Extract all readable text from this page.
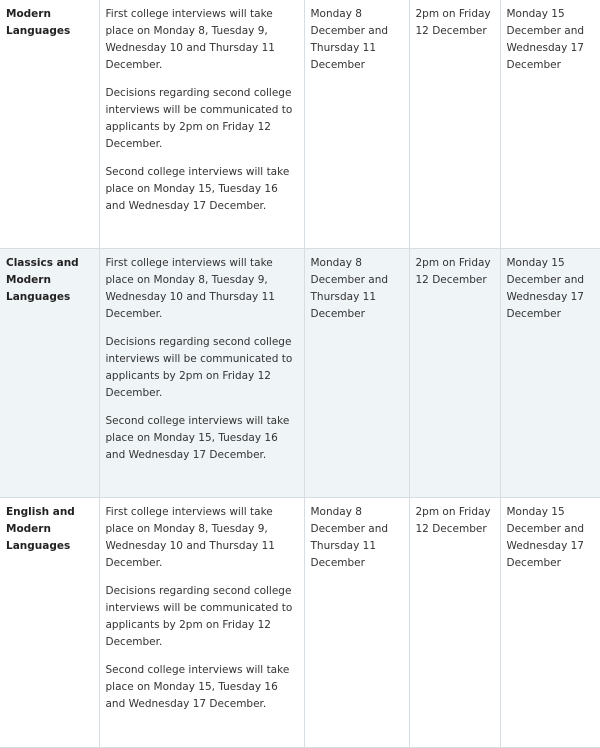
Modern Languages	First college interviews will take place on Monday 8, Tuesday 9, Wednesday 10 and Thursday 11 December.

Decisions regarding second college interviews will be communicated to applicants by 2pm on Friday 12 December.

Second college interviews will take place on Monday 15, Tuesday 16 and Wednesday 17 December.	Monday 8 December and Thursday 11 December	2pm on Friday 12 December	Monday 15 December and Wednesday 17 December
Classics and Modern Languages	First college interviews will take place on Monday 8, Tuesday 9, Wednesday 10 and Thursday 11 December.

Decisions regarding second college interviews will be communicated to applicants by 2pm on Friday 12 December.

Second college interviews will take place on Monday 15, Tuesday 16 and Wednesday 17 December.	Monday 8 December and Thursday 11 December	2pm on Friday 12 December	Monday 15 December and Wednesday 17 December
English and Modern Languages	First college interviews will take place on Monday 8, Tuesday 9, Wednesday 10 and Thursday 11 December.

Decisions regarding second college interviews will be communicated to applicants by 2pm on Friday 12 December.

Second college interviews will take place on Monday 15, Tuesday 16 and Wednesday 17 December.	Monday 8 December and Thursday 11 December	2pm on Friday 12 December	Monday 15 December and Wednesday 17 December
